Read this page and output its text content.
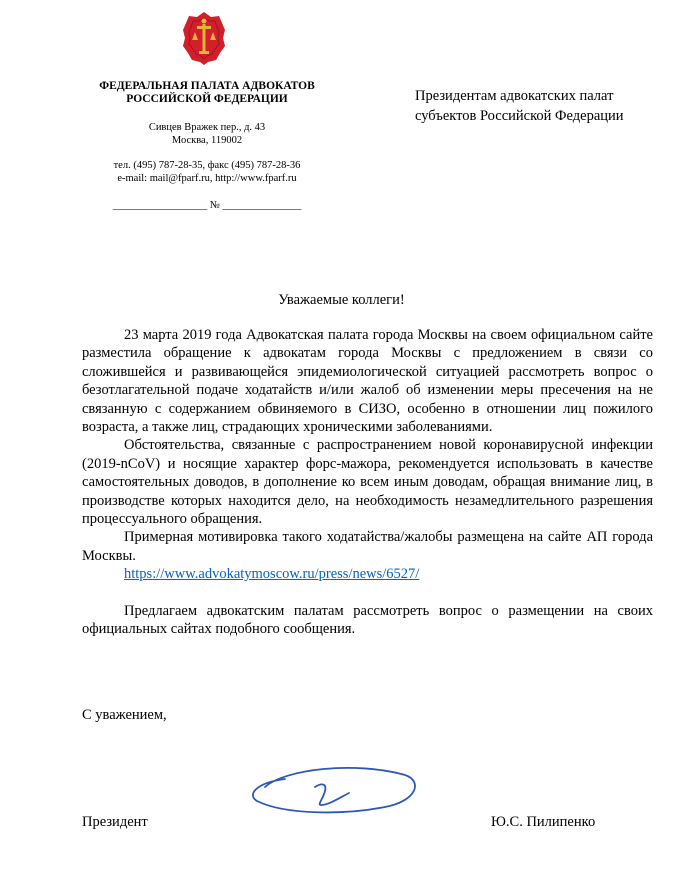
ФЕДЕРАЛЬНАЯ ПАЛАТА АДВОКАТОВ
РОССИЙСКОЙ ФЕДЕРАЦИИ
Сивцев Вражек пер., д. 43
Москва, 119002
тел. (495) 787-28-35, факс (495) 787-28-36
e-mail: mail@fparf.ru, http://www.fparf.ru
__________________ № _______________
Президентам адвокатских палат
субъектов Российской Федерации
Уважаемые коллеги!

23 марта 2019 года Адвокатская палата города Москвы на своем официальном сайте разместила обращение к адвокатам города Москвы с предложением в связи со сложившейся и развивающейся эпидемиологической ситуацией рассмотреть вопрос о безотлагательной подаче ходатайств и/или жалоб об изменении меры пресечения на не связанную с содержанием обвиняемого в СИЗО, особенно в отношении лиц пожилого возраста, а также лиц, страдающих хроническими заболеваниями.

Обстоятельства, связанные с распространением новой коронавирусной инфекции (2019-nCoV) и носящие характер форс-мажора, рекомендуется использовать в качестве самостоятельных доводов, в дополнение ко всем иным доводам, обращая внимание лиц, в производстве которых находится дело, на необходимость незамедлительного разрешения процессуального обращения.

Примерная мотивировка такого ходатайства/жалобы размещена на сайте АП города Москвы.

https://www.advokatymoscow.ru/press/news/6527/

Предлагаем адвокатским палатам рассмотреть вопрос о размещении на своих официальных сайтах подобного сообщения.

С уважением,
Президент	Ю.С. Пилипенко
